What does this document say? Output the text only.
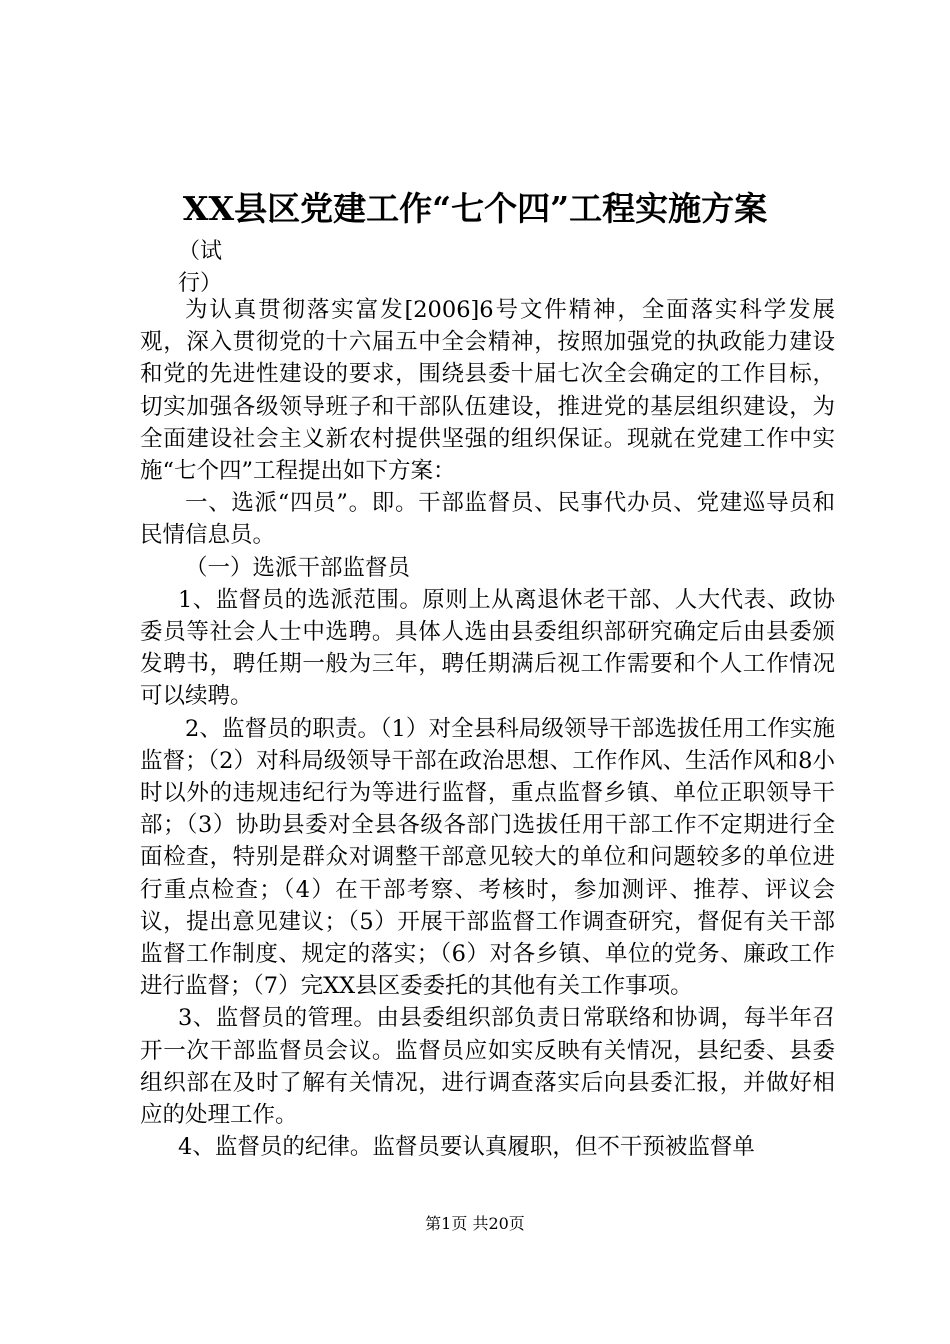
XX县区党建工作“七个四”工程实施方案
（试行）

为认真贯彻落实富发[2006]6号文件精神，全面落实科学发展观，深入贯彻党的十六届五中全会精神，按照加强党的执政能力建设和党的先进性建设的要求，围绕县委十届七次全会确定的工作目标，切实加强各级领导班子和干部队伍建设，推进党的基层组织建设，为全面建设社会主义新农村提供坚强的组织保证。现就在党建工作中实施“七个四”工程提出如下方案：

一、选派“四员”。即。干部监督员、民事代办员、党建巡导员和民情信息员。

（一）选派干部监督员

1、监督员的选派范围。原则上从离退休老干部、人大代表、政协委员等社会人士中选聘。具体人选由县委组织部研究确定后由县委颁发聘书，聘任期一般为三年，聘任期满后视工作需要和个人工作情况可以续聘。

2、监督员的职责。（1）对全县科局级领导干部选拔任用工作实施监督；（2）对科局级领导干部在政治思想、工作作风、生活作风和8小时以外的违规违纪行为等进行监督，重点监督乡镇、单位正职领导干部；（3）协助县委对全县各级各部门选拔任用干部工作不定期进行全面检查，特别是群众对调整干部意见较大的单位和问题较多的单位进行重点检查；（4）在干部考察、考核时，参加测评、推荐、评议会议，提出意见建议；（5）开展干部监督工作调查研究，督促有关干部监督工作制度、规定的落实；（6）对各乡镇、单位的党务、廉政工作进行监督；（7）完XX县区委委托的其他有关工作事项。

3、监督员的管理。由县委组织部负责日常联络和协调，每半年召开一次干部监督员会议。监督员应如实反映有关情况，县纪委、县委组织部在及时了解有关情况，进行调查落实后向县委汇报，并做好相应的处理工作。

4、监督员的纪律。监督员要认真履职，但不干预被监督单

第1页 共20页
